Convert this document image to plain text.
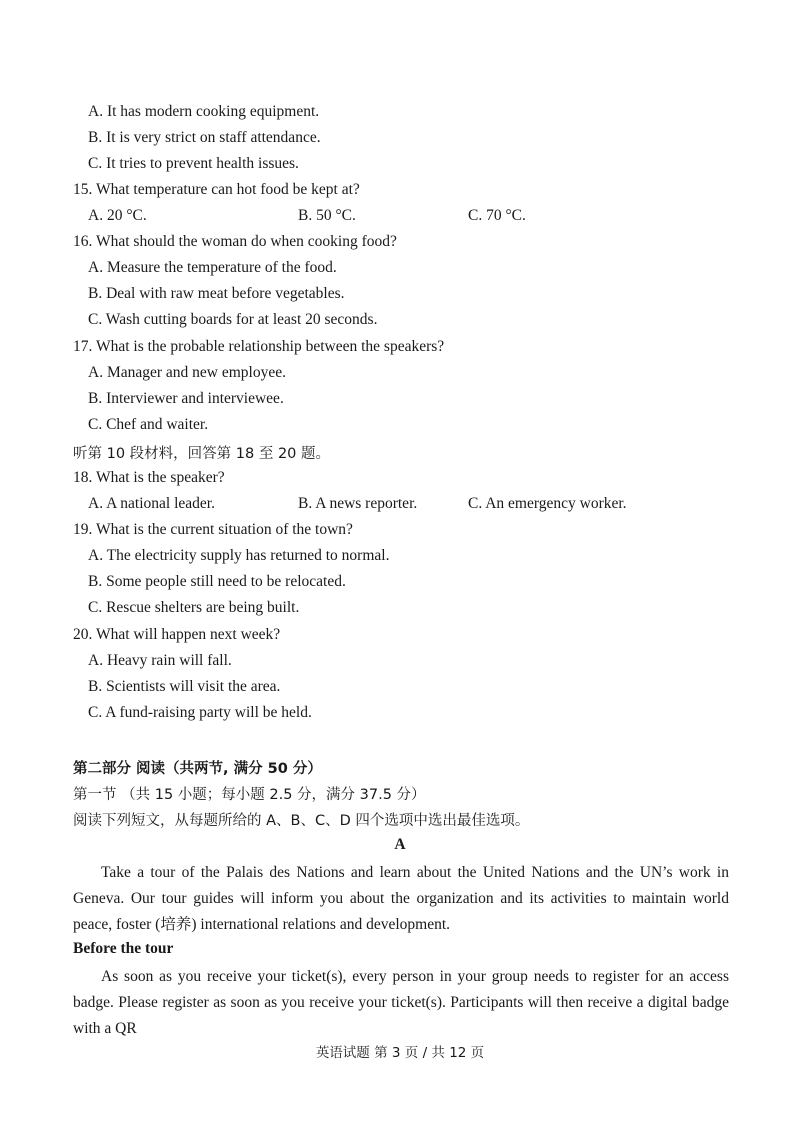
A. It has modern cooking equipment.
B. It is very strict on staff attendance.
C. It tries to prevent health issues.
15. What temperature can hot food be kept at?
A. 20 °C.	B. 50 °C.	C. 70 °C.
16. What should the woman do when cooking food?
A. Measure the temperature of the food.
B. Deal with raw meat before vegetables.
C. Wash cutting boards for at least 20 seconds.
17. What is the probable relationship between the speakers?
A. Manager and new employee.
B. Interviewer and interviewee.
C. Chef and waiter.
听第 10 段材料，回答第 18 至 20 题。
18. What is the speaker?
A. A national leader.	B. A news reporter.	C. An emergency worker.
19. What is the current situation of the town?
A. The electricity supply has returned to normal.
B. Some people still need to be relocated.
C. Rescue shelters are being built.
20. What will happen next week?
A. Heavy rain will fall.
B. Scientists will visit the area.
C. A fund-raising party will be held.
第二部分 阅读（共两节, 满分 50 分）
第一节 （共 15 小题；每小题 2.5 分，满分 37.5 分）
阅读下列短文，从每题所给的 A、B、C、D 四个选项中选出最佳选项。
A
Take a tour of the Palais des Nations and learn about the United Nations and the UN’s work in Geneva. Our tour guides will inform you about the organization and its activities to maintain world peace, foster (培养) international relations and development.
Before the tour
As soon as you receive your ticket(s), every person in your group needs to register for an access badge. Please register as soon as you receive your ticket(s). Participants will then receive a digital badge with a QR
英语试题 第 3 页 / 共 12 页
